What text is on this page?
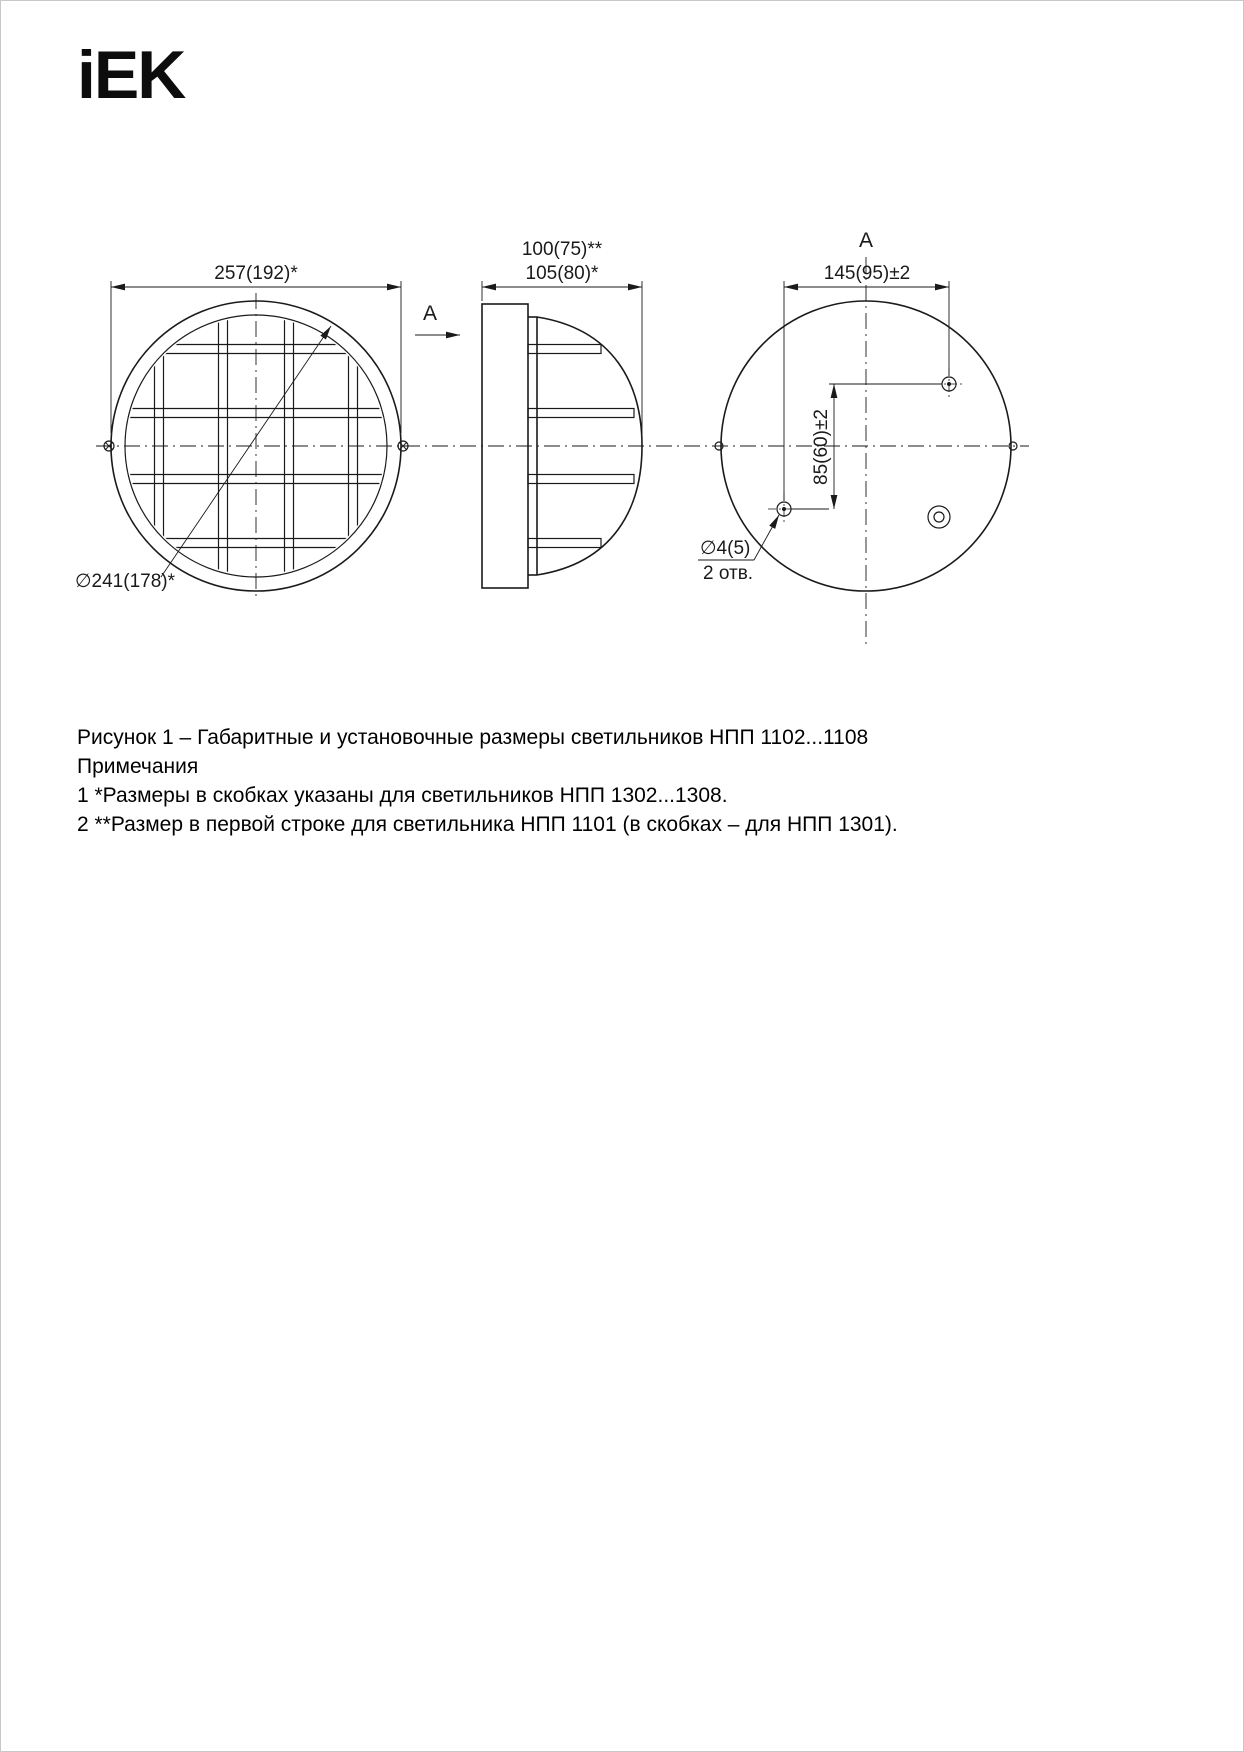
iEK
257(192)*
∅241(178)*
A
100(75)**
105(80)*
A
145(95)±2
85(60)±2
∅4(5)
2 отв.
Рисунок 1 – Габаритные и установочные размеры светильников НПП 1102...1108
Примечания
1 *Размеры в скобках указаны для светильников НПП 1302...1308.
2 **Размер в первой строке для светильника НПП 1101 (в скобках – для НПП 1301).
